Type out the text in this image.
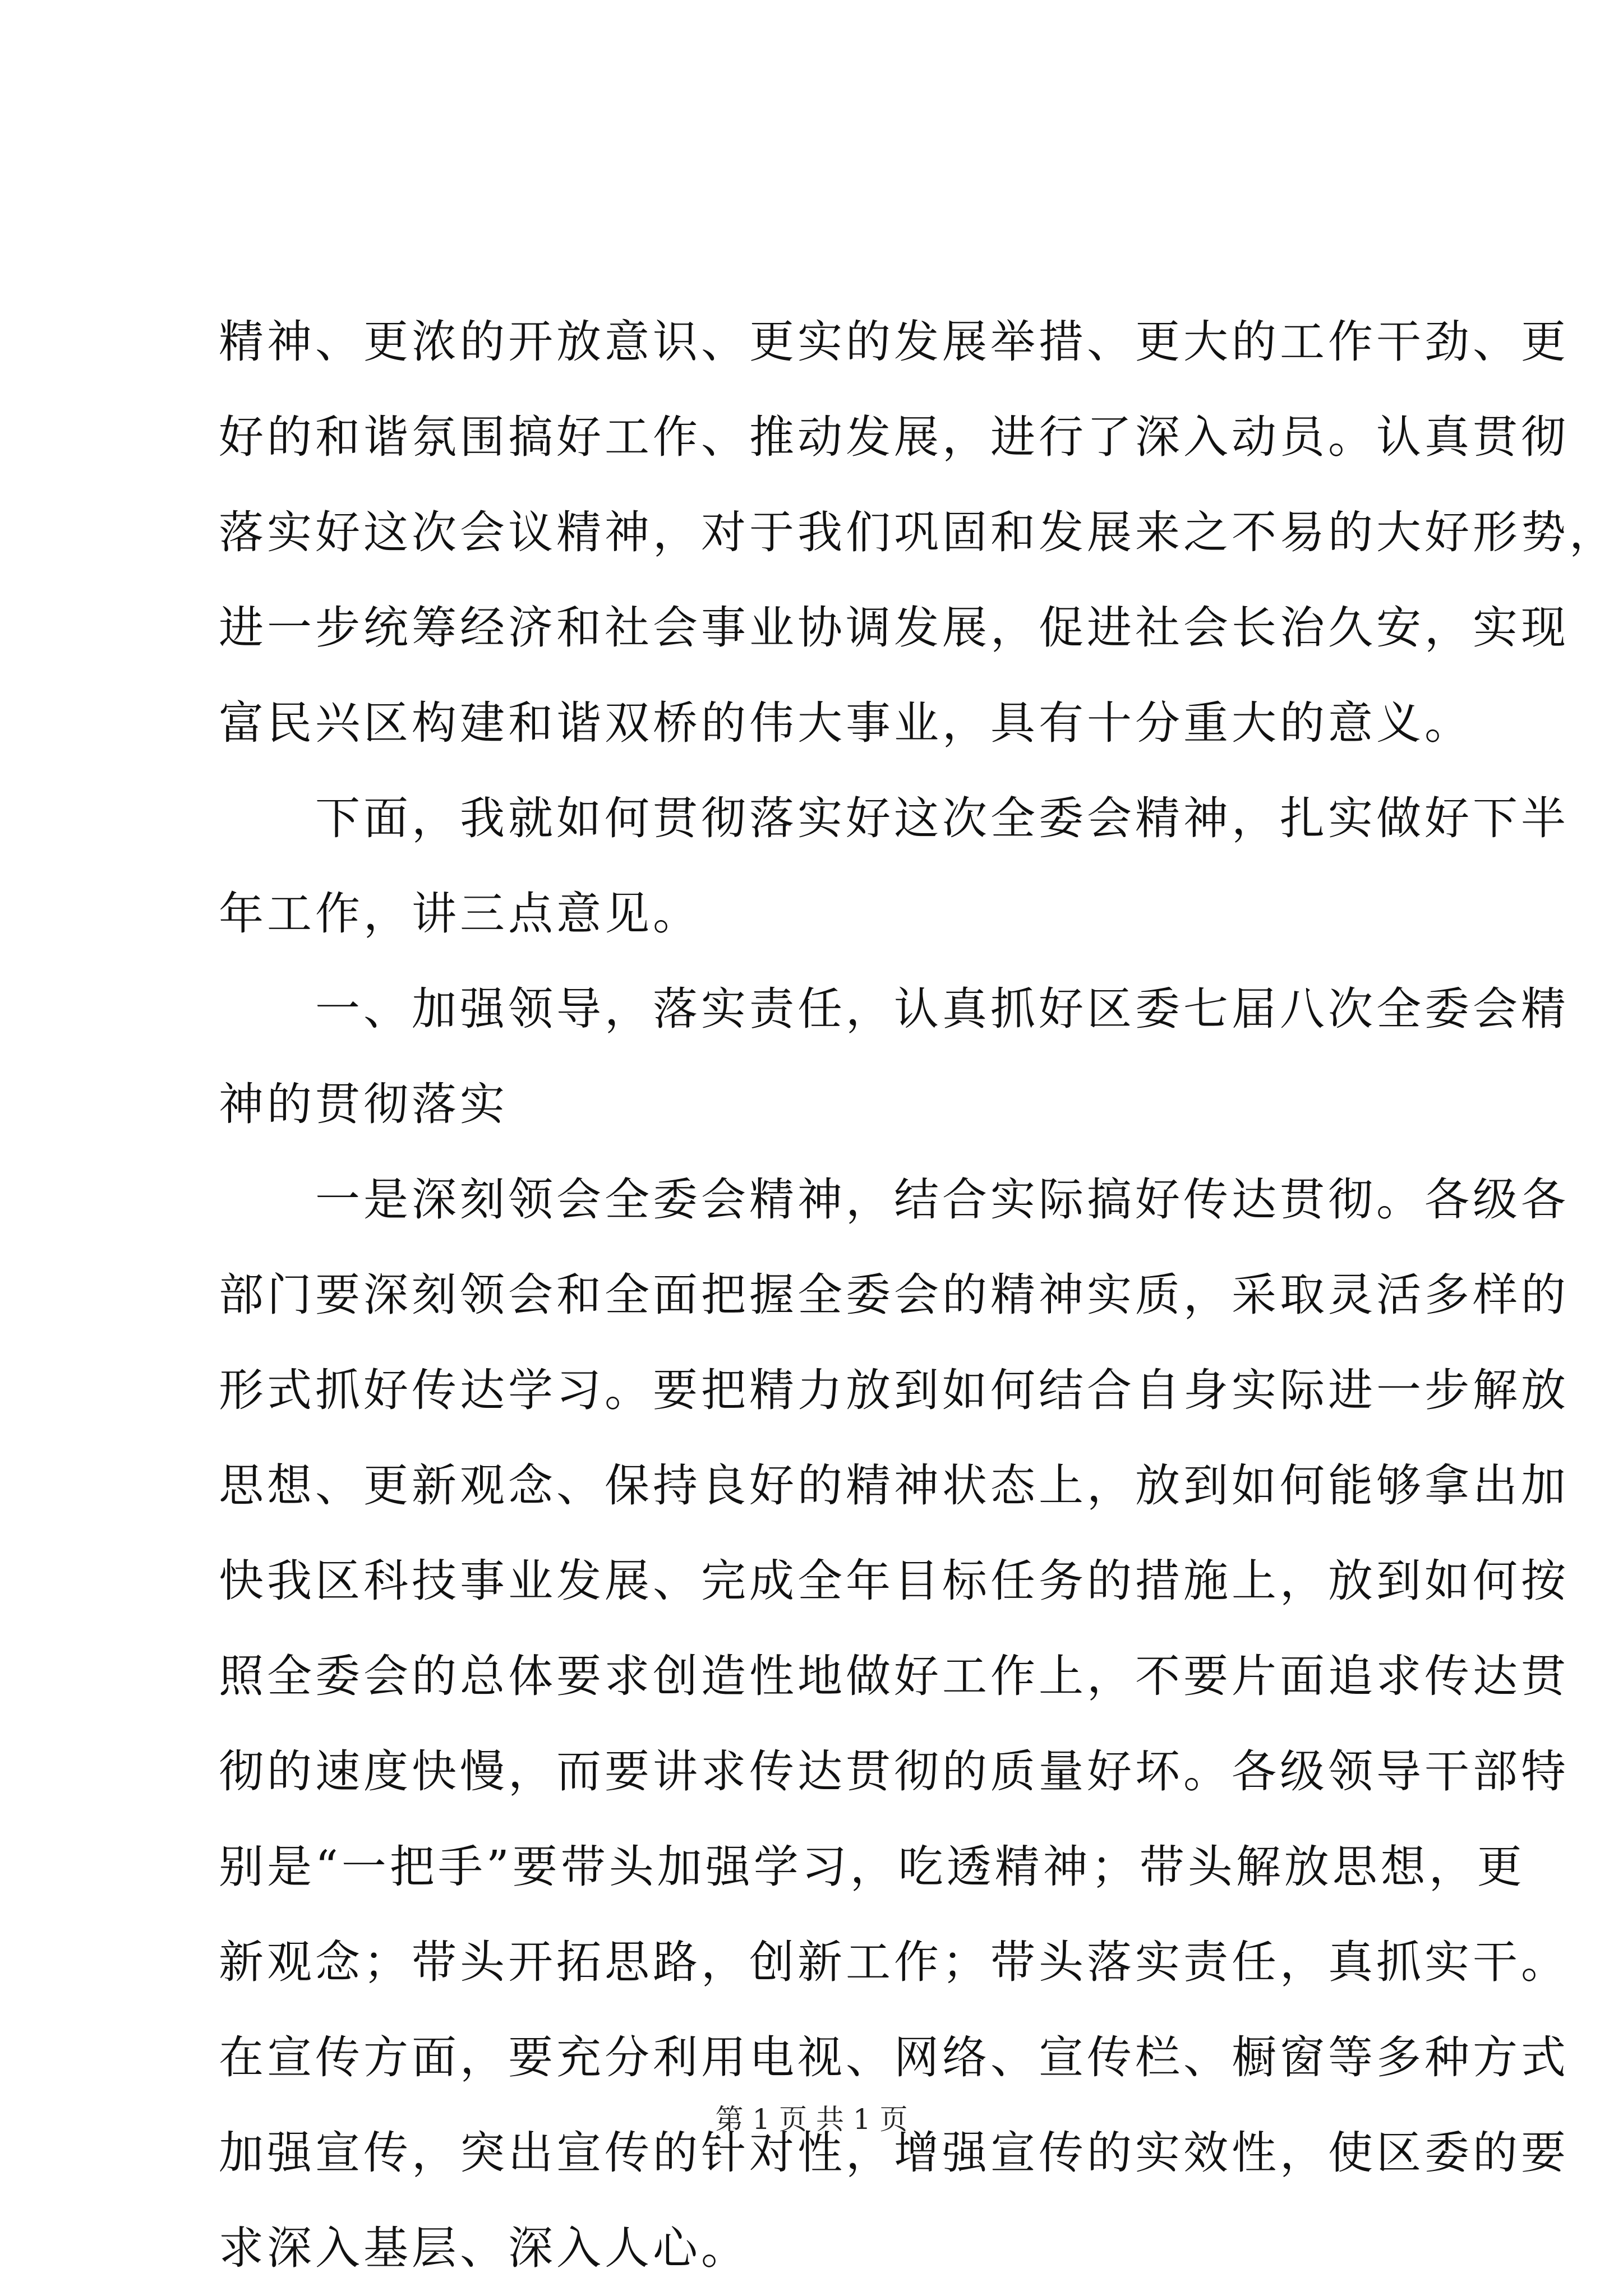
精神、更浓的开放意识、更实的发展举措、更大的工作干劲、更
好的和谐氛围搞好工作、推动发展，进行了深入动员。认真贯彻
落实好这次会议精神，对于我们巩固和发展来之不易的大好形势，
进一步统筹经济和社会事业协调发展，促进社会长治久安，实现
富民兴区构建和谐双桥的伟大事业，具有十分重大的意义。
　　下面，我就如何贯彻落实好这次全委会精神，扎实做好下半
年工作，讲三点意见。
　　一、加强领导，落实责任，认真抓好区委七届八次全委会精
神的贯彻落实
　　一是深刻领会全委会精神，结合实际搞好传达贯彻。各级各
部门要深刻领会和全面把握全委会的精神实质，采取灵活多样的
形式抓好传达学习。要把精力放到如何结合自身实际进一步解放
思想、更新观念、保持良好的精神状态上，放到如何能够拿出加
快我区科技事业发展、完成全年目标任务的措施上，放到如何按
照全委会的总体要求创造性地做好工作上，不要片面追求传达贯
彻的速度快慢，而要讲求传达贯彻的质量好坏。各级领导干部特
别是“一把手”要带头加强学习，吃透精神；带头解放思想，更
新观念；带头开拓思路，创新工作；带头落实责任，真抓实干。
在宣传方面，要充分利用电视、网络、宣传栏、橱窗等多种方式
加强宣传，突出宣传的针对性，增强宣传的实效性，使区委的要
求深入基层、深入人心。
第 1 页 共 1 页
